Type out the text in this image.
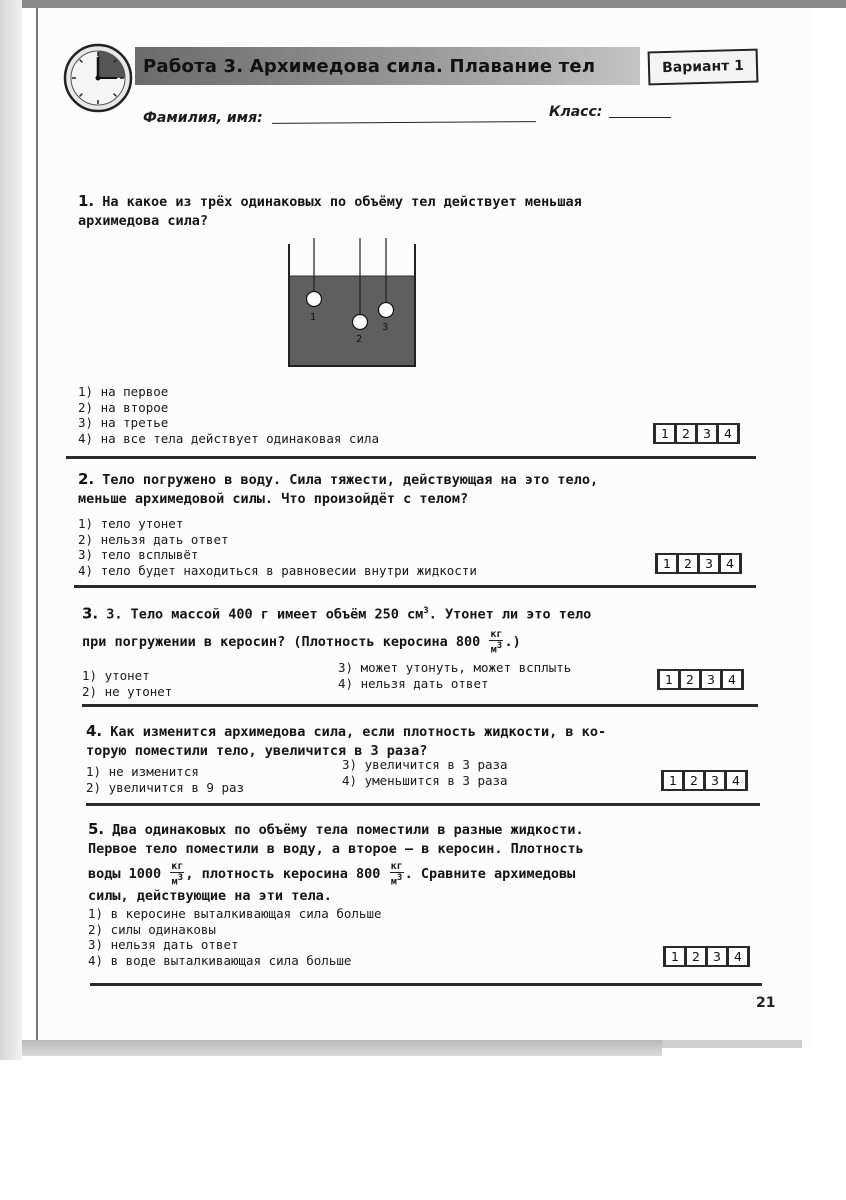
Работа 3. Архимедова сила. Плавание тел	Вариант 1
Фамилия, имя:	Класс:
1. На какое из трёх одинаковых по объёму тел действует меньшая
архимедова сила?
1
2
3
1) на первое
2) на второе
3) на третье
4) на все тела действует одинаковая сила	1	2	3	4
2. Тело погружено в воду. Сила тяжести, действующая на это тело,
меньше архимедовой силы. Что произойдёт с телом?
1) тело утонет
2) нельзя дать ответ
3) тело всплывёт
4) тело будет находиться в равновесии внутри жидкости	1	2	3	4
3. 3. Тело массой 400 г имеет объём 250 $см^3$. Утонет ли это тело
при погружении в керосин? (Плотность керосина $800 \frac{кг}{м3}$ .)
1) утонет
2) не утонет
3) может утонуть, может всплыть
4) нельзя дать ответ	1	2	3	4
4. Как изменится архимедова сила, если плотность жидкости, в ко-
торую поместили тело, увеличится в 3 раза?
1) не изменится
2) увеличится в 9 раз
3) увеличится в 3 раза
4) уменьшится в 3 раза	1	2	3	4
5. Два одинаковых по объёму тела поместили в разные жидкости.
Первое тело поместили в воду, а второе — в керосин. Плотность
воды $1000 \frac{кг}{м3}$ , плотность керосина $800 \frac{кг}{м3}$ . Сравните архимедовы
силы, действующие на эти тела.
1) в керосине выталкивающая сила больше
2) силы одинаковы
3) нельзя дать ответ
4) в воде выталкивающая сила больше	1	2	3	4
21
